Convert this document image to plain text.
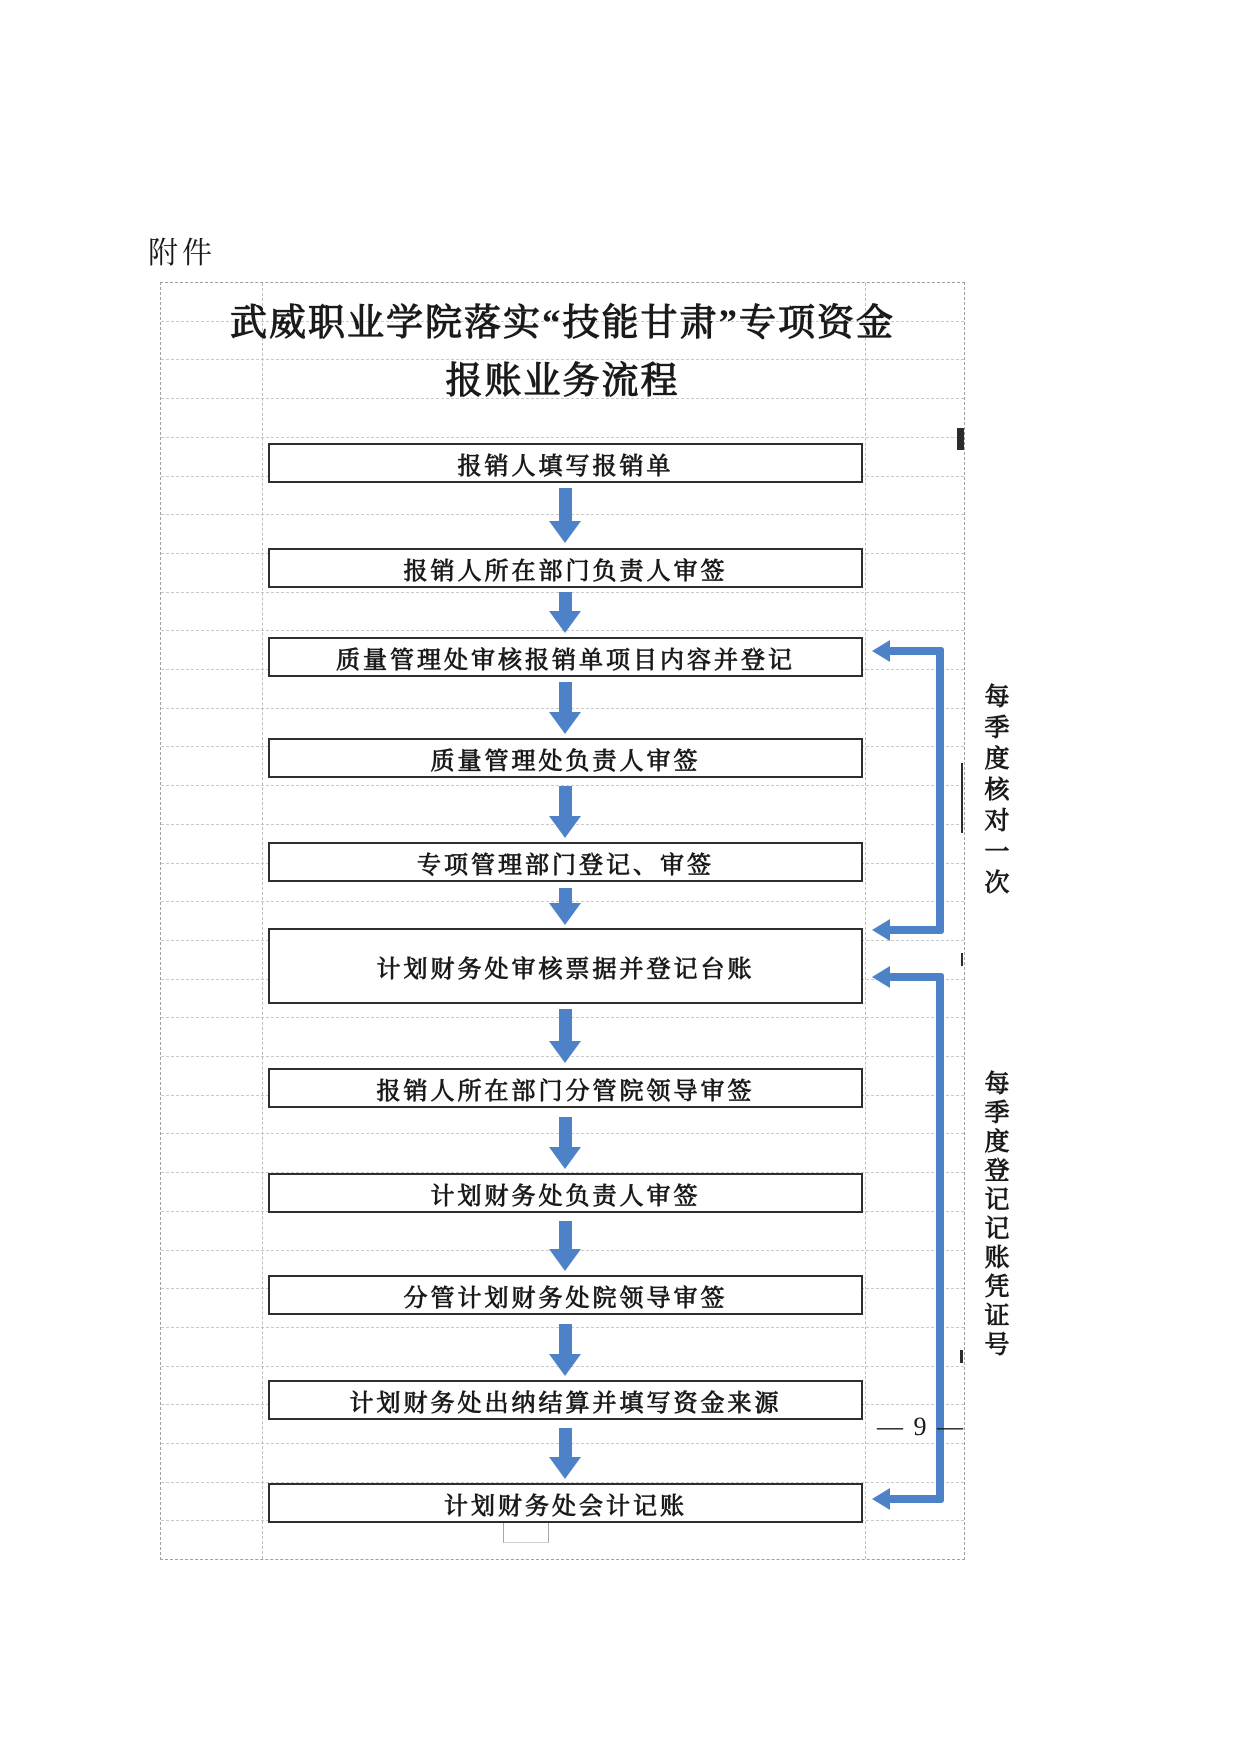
附件
武威职业学院落实“技能甘肃”专项资金
报账业务流程
报销人填写报销单
报销人所在部门负责人审签
质量管理处审核报销单项目内容并登记
质量管理处负责人审签
专项管理部门登记、审签
计划财务处审核票据并登记台账
报销人所在部门分管院领导审签
计划财务处负责人审签
分管计划财务处院领导审签
计划财务处出纳结算并填写资金来源
计划财务处会计记账
每季度核对一次
每季度登记记账凭证号
— 9 —
